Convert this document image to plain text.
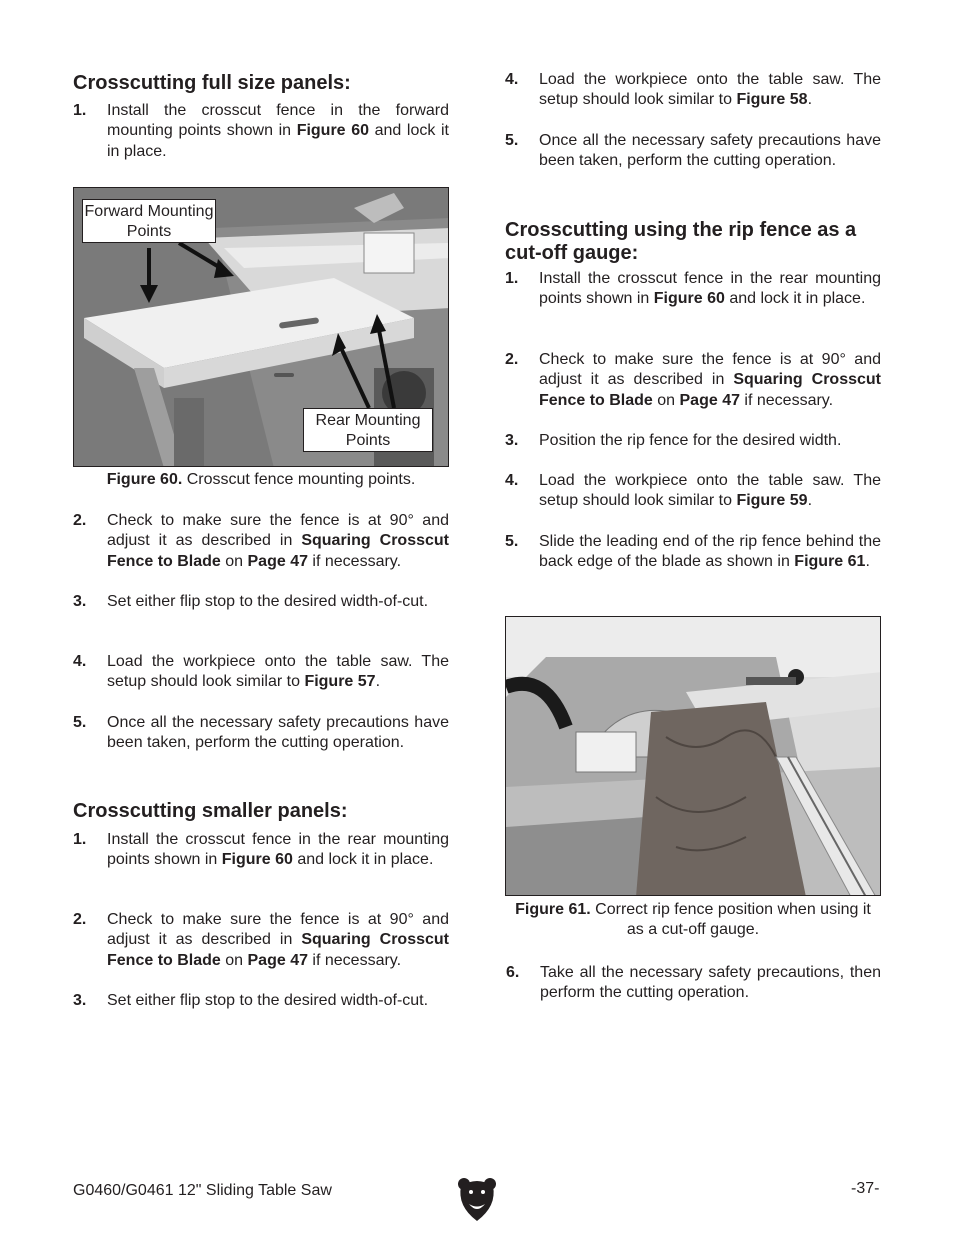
Crosscutting full size panels:
1. Install the crosscut fence in the forward mounting points shown in Figure 60 and lock it in place.
Forward Mounting Points
Rear Mounting Points
Figure 60. Crosscut fence mounting points.
2. Check to make sure the fence is at 90° and adjust it as described in Squaring Crosscut Fence to Blade on Page 47 if necessary.
3. Set either flip stop to the desired width-of-cut.
4. Load the workpiece onto the table saw. The setup should look similar to Figure 57.
5. Once all the necessary safety precautions have been taken, perform the cutting operation.
Crosscutting smaller panels:
1. Install the crosscut fence in the rear mounting points shown in Figure 60 and lock it in place.
2. Check to make sure the fence is at 90° and adjust it as described in Squaring Crosscut Fence to Blade on Page 47 if necessary.
3. Set either flip stop to the desired width-of-cut.
4. Load the workpiece onto the table saw. The setup should look similar to Figure 58.
5. Once all the necessary safety precautions have been taken, perform the cutting operation.
Crosscutting using the rip fence as a cut-off gauge:
1. Install the crosscut fence in the rear mounting points shown in Figure 60 and lock it in place.
2. Check to make sure the fence is at 90° and adjust it as described in Squaring Crosscut Fence to Blade on Page 47 if necessary.
3. Position the rip fence for the desired width.
4. Load the workpiece onto the table saw. The setup should look similar to Figure 59.
5. Slide the leading end of the rip fence behind the back edge of the blade as shown in Figure 61.
Figure 61. Correct rip fence position when using it as a cut-off gauge.
6. Take all the necessary safety precautions, then perform the cutting operation.
G0460/G0461 12" Sliding Table Saw	-37-
